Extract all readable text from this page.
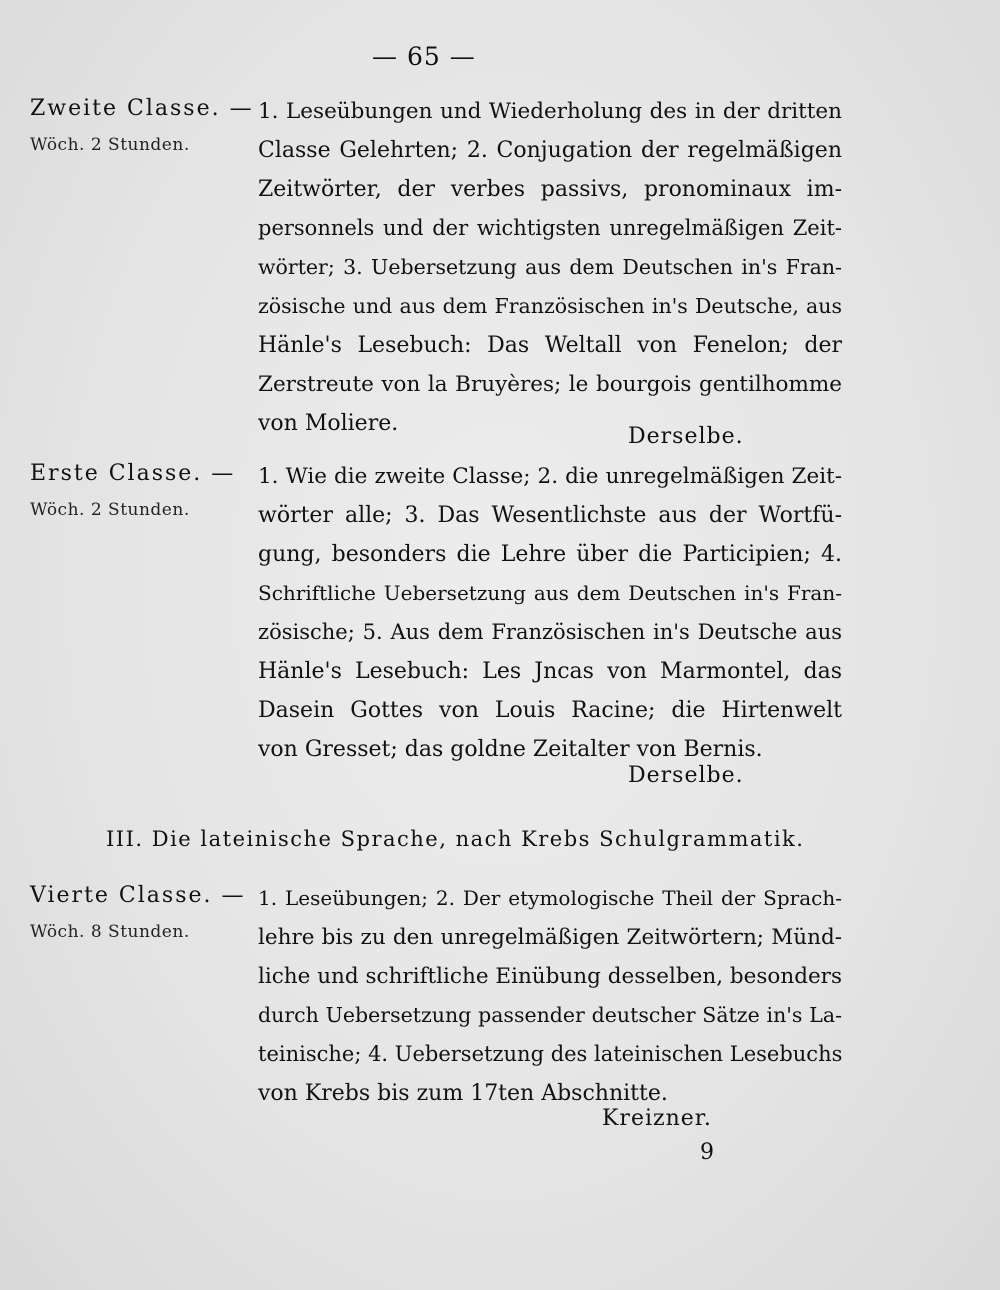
— 65 —
Zweite Classe. —
Wöch. 2 Stunden.
1. Leseübungen und Wiederholung des in der dritten
Classe Gelehrten; 2. Conjugation der regelmäßigen
Zeitwörter, der verbes passivs, pronominaux im-
personnels und der wichtigsten unregelmäßigen Zeit-
wörter; 3. Uebersetzung aus dem Deutschen in's Fran-
zösische und aus dem Französischen in's Deutsche, aus
Hänle's Lesebuch: Das Weltall von Fenelon; der
Zerstreute von la Bruyères; le bourgois gentilhomme
von Moliere.
Derselbe.
Erste Classe. —
Wöch. 2 Stunden.
1. Wie die zweite Classe; 2. die unregelmäßigen Zeit-
wörter alle; 3. Das Wesentlichste aus der Wortfü-
gung, besonders die Lehre über die Participien; 4.
Schriftliche Uebersetzung aus dem Deutschen in's Fran-
zösische; 5. Aus dem Französischen in's Deutsche aus
Hänle's Lesebuch: Les Jncas von Marmontel, das
Dasein Gottes von Louis Racine; die Hirtenwelt
von Gresset; das goldne Zeitalter von Bernis.
Derselbe.
III. Die lateinische Sprache, nach Krebs Schulgrammatik.
Vierte Classe. —
Wöch. 8 Stunden.
1. Leseübungen; 2. Der etymologische Theil der Sprach-
lehre bis zu den unregelmäßigen Zeitwörtern; Münd-
liche und schriftliche Einübung desselben, besonders
durch Uebersetzung passender deutscher Sätze in's La-
teinische; 4. Uebersetzung des lateinischen Lesebuchs
von Krebs bis zum 17ten Abschnitte.
Kreizner.
9
